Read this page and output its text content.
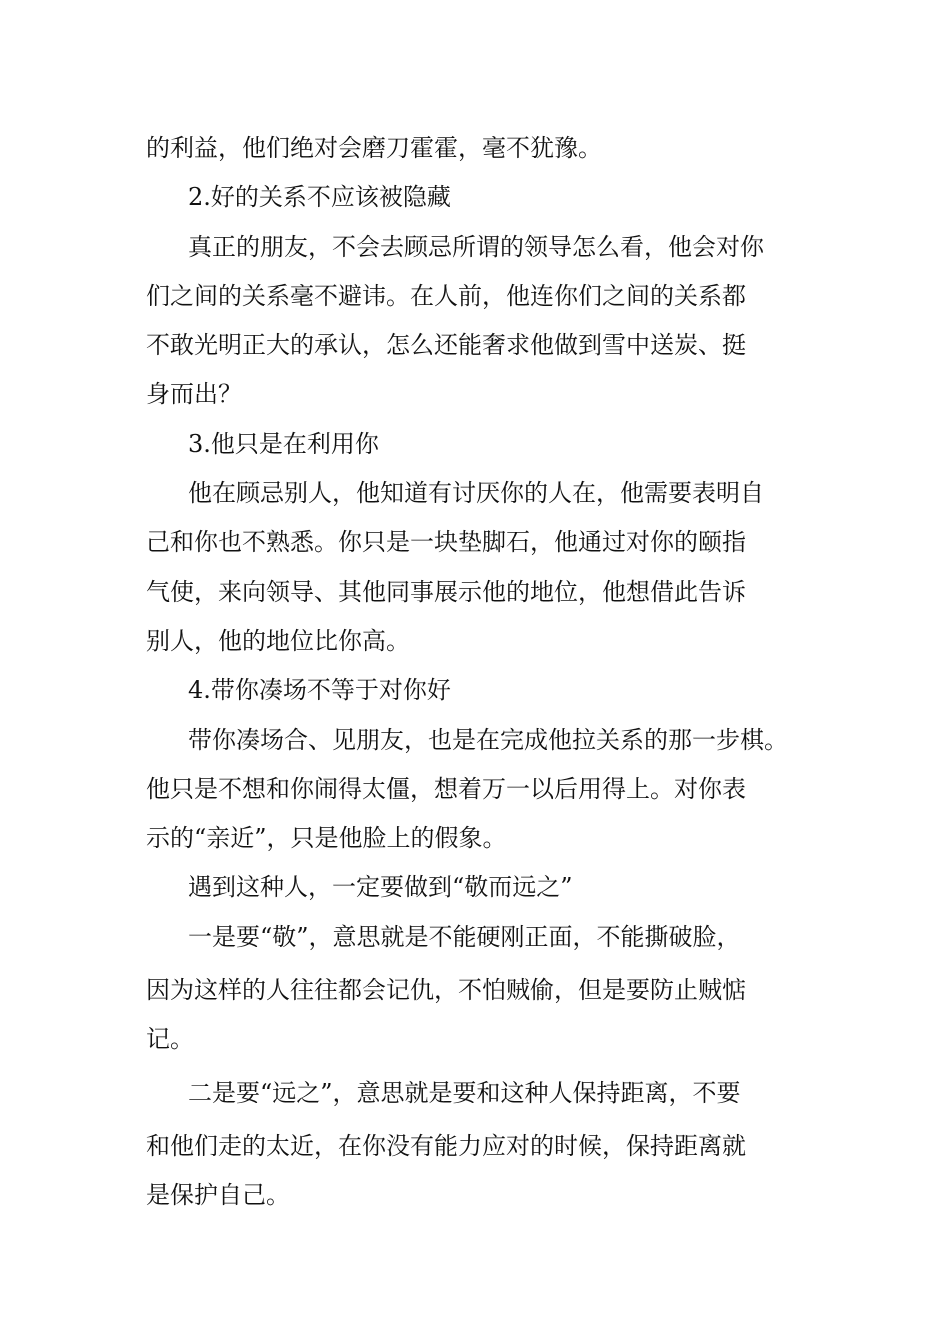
的利益，他们绝对会磨刀霍霍，毫不犹豫。
2.好的关系不应该被隐藏
真正的朋友，不会去顾忌所谓的领导怎么看，他会对你
们之间的关系毫不避讳。在人前，他连你们之间的关系都
不敢光明正大的承认，怎么还能奢求他做到雪中送炭、挺
身而出？
3.他只是在利用你
他在顾忌别人，他知道有讨厌你的人在，他需要表明自
己和你也不熟悉。你只是一块垫脚石，他通过对你的颐指
气使，来向领导、其他同事展示他的地位，他想借此告诉
别人，他的地位比你高。
4.带你凑场不等于对你好
带你凑场合、见朋友，也是在完成他拉关系的那一步棋。
他只是不想和你闹得太僵，想着万一以后用得上。对你表
示的“亲近”，只是他脸上的假象。
遇到这种人，一定要做到“敬而远之”
一是要“敬”，意思就是不能硬刚正面，不能撕破脸，
因为这样的人往往都会记仇，不怕贼偷，但是要防止贼惦
记。
二是要“远之”，意思就是要和这种人保持距离，不要
和他们走的太近，在你没有能力应对的时候，保持距离就
是保护自己。
